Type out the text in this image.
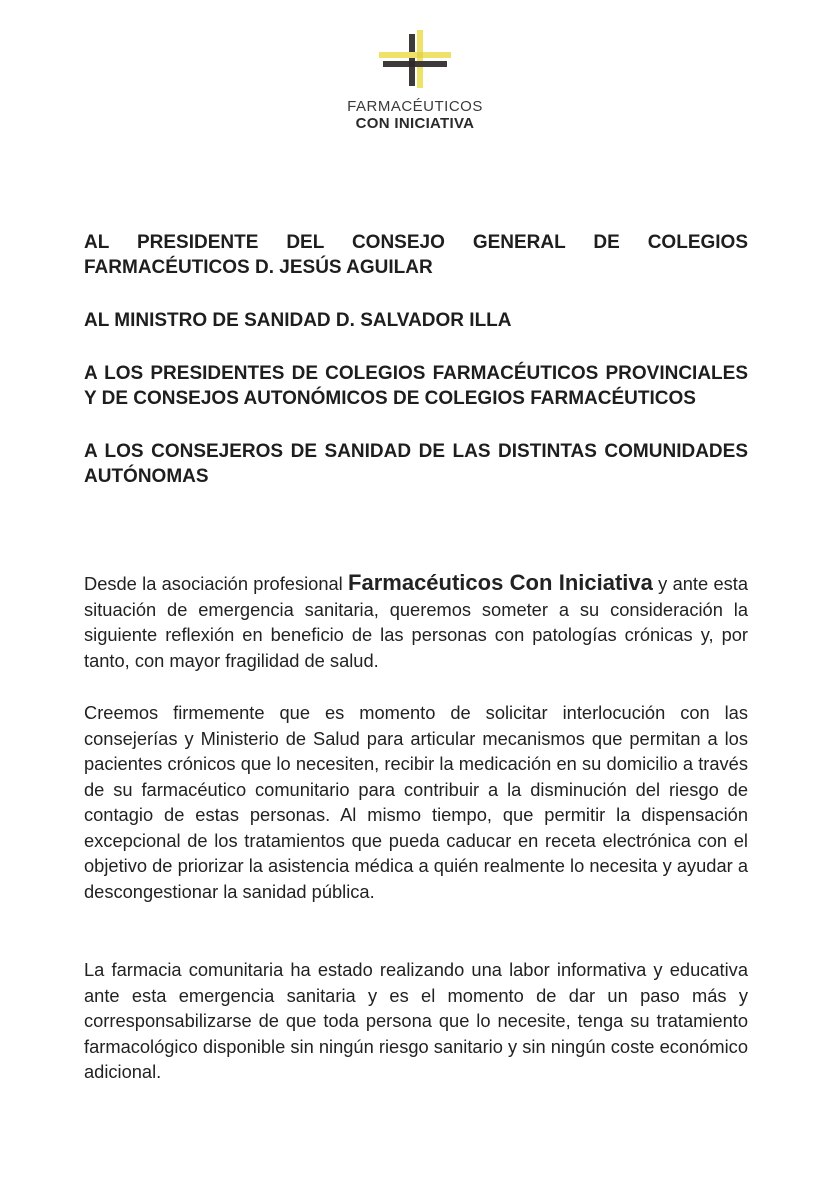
FARMACÉUTICOS
CON INICIATIVA

AL PRESIDENTE DEL CONSEJO GENERAL DE COLEGIOS FARMACÉUTICOS D. JESÚS AGUILAR

AL MINISTRO DE SANIDAD D. SALVADOR ILLA

A LOS PRESIDENTES DE COLEGIOS FARMACÉUTICOS PROVINCIALES Y DE CONSEJOS AUTONÓMICOS DE COLEGIOS FARMACÉUTICOS

A LOS CONSEJEROS DE SANIDAD DE LAS DISTINTAS COMUNIDADES AUTÓNOMAS

Desde la asociación profesional Farmacéuticos Con Iniciativa y ante esta situación de emergencia sanitaria, queremos someter a su consideración la siguiente reflexión en beneficio de las personas con patologías crónicas y, por tanto, con mayor fragilidad de salud.

Creemos firmemente que es momento de solicitar interlocución con las consejerías y Ministerio de Salud para articular mecanismos que permitan a los pacientes crónicos que lo necesiten, recibir la medicación en su domicilio a través de su farmacéutico comunitario para contribuir a la disminución del riesgo de contagio de estas personas. Al mismo tiempo, que permitir la dispensación excepcional de los tratamientos que pueda caducar en receta electrónica con el objetivo de priorizar la asistencia médica a quién realmente lo necesita y ayudar a descongestionar la sanidad pública.

La farmacia comunitaria ha estado realizando una labor informativa y educativa ante esta emergencia sanitaria y es el momento de dar un paso más y corresponsabilizarse de que toda persona que lo necesite, tenga su tratamiento farmacológico disponible sin ningún riesgo sanitario y sin ningún coste económico adicional.
